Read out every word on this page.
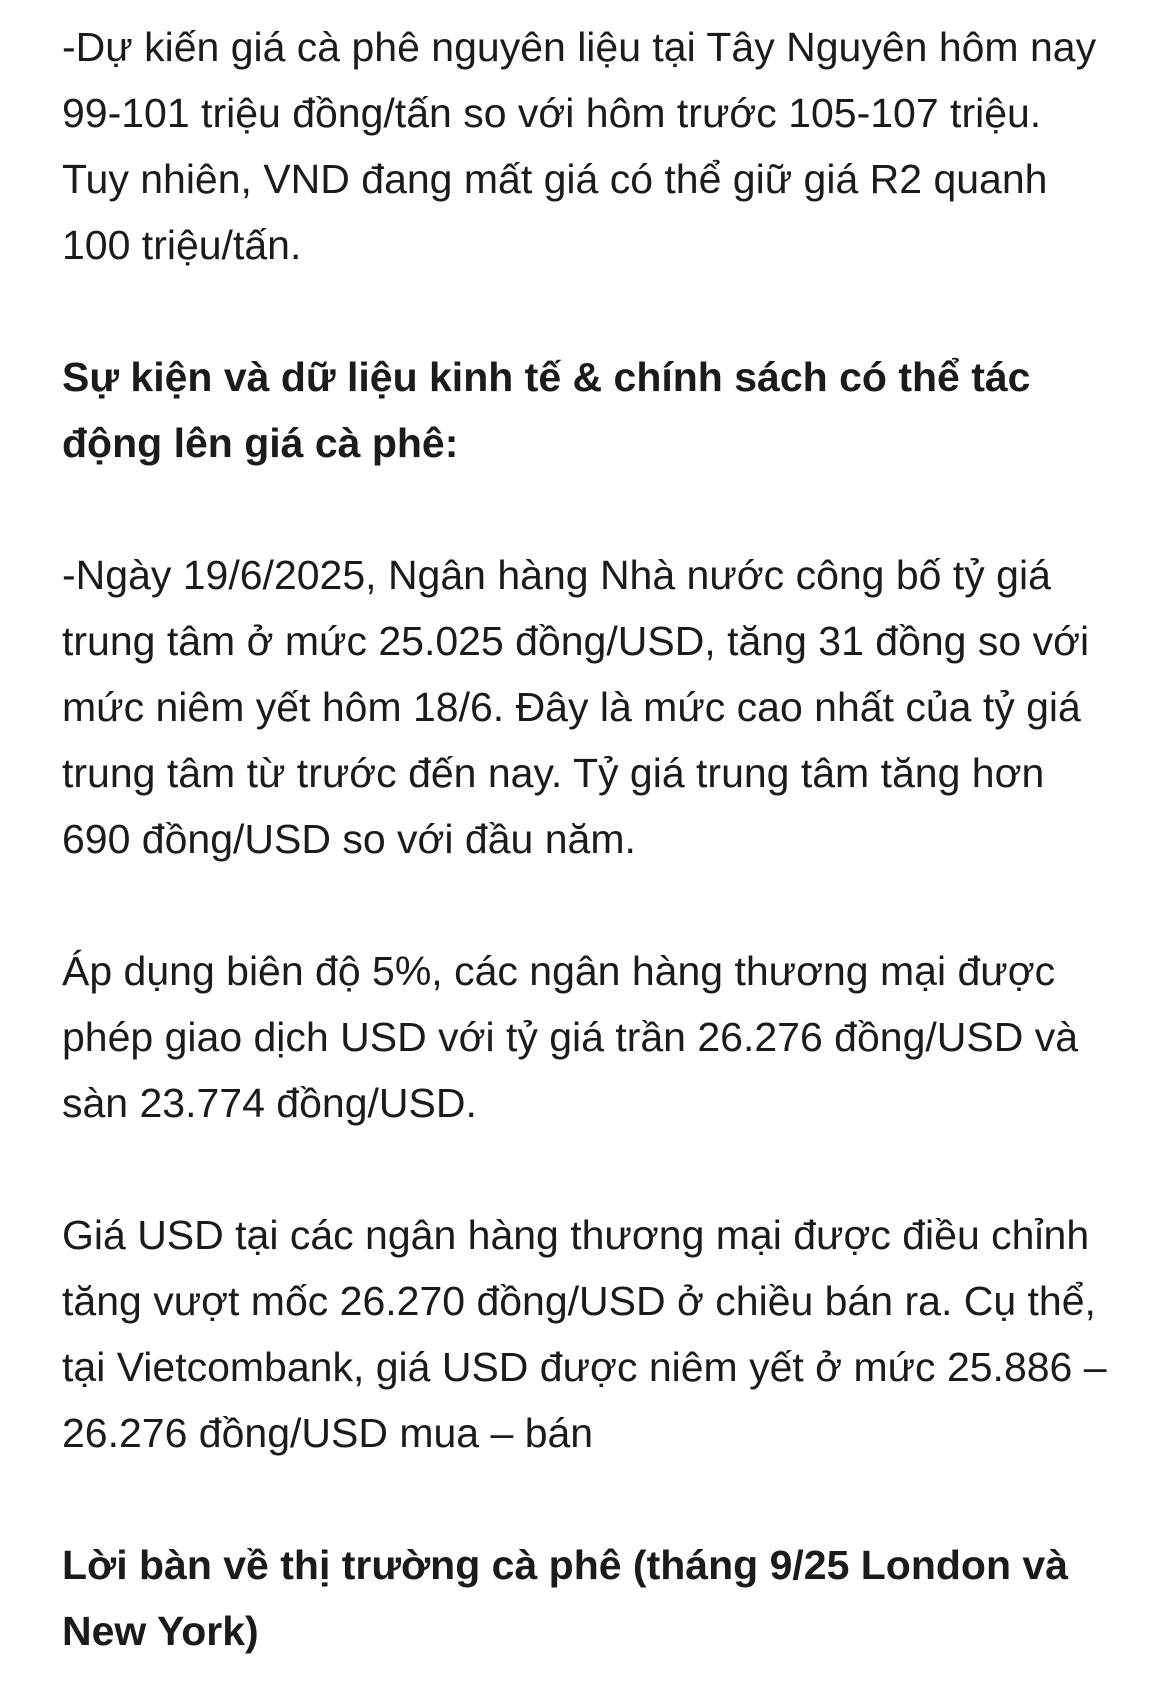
-Dự kiến giá cà phê nguyên liệu tại Tây Nguyên hôm nay 99-101 triệu đồng/tấn so với hôm trước 105-107 triệu. Tuy nhiên, VND đang mất giá có thể giữ giá R2 quanh 100 triệu/tấn.

Sự kiện và dữ liệu kinh tế & chính sách có thể tác động lên giá cà phê:

-Ngày 19/6/2025, Ngân hàng Nhà nước công bố tỷ giá trung tâm ở mức 25.025 đồng/USD, tăng 31 đồng so với mức niêm yết hôm 18/6. Đây là mức cao nhất của tỷ giá trung tâm từ trước đến nay. Tỷ giá trung tâm tăng hơn 690 đồng/USD so với đầu năm.

Áp dụng biên độ 5%, các ngân hàng thương mại được phép giao dịch USD với tỷ giá trần 26.276 đồng/USD và sàn 23.774 đồng/USD.

Giá USD tại các ngân hàng thương mại được điều chỉnh tăng vượt mốc 26.270 đồng/USD ở chiều bán ra. Cụ thể, tại Vietcombank, giá USD được niêm yết ở mức 25.886 – 26.276 đồng/USD mua – bán

Lời bàn về thị trường cà phê (tháng 9/25 London và New York)
